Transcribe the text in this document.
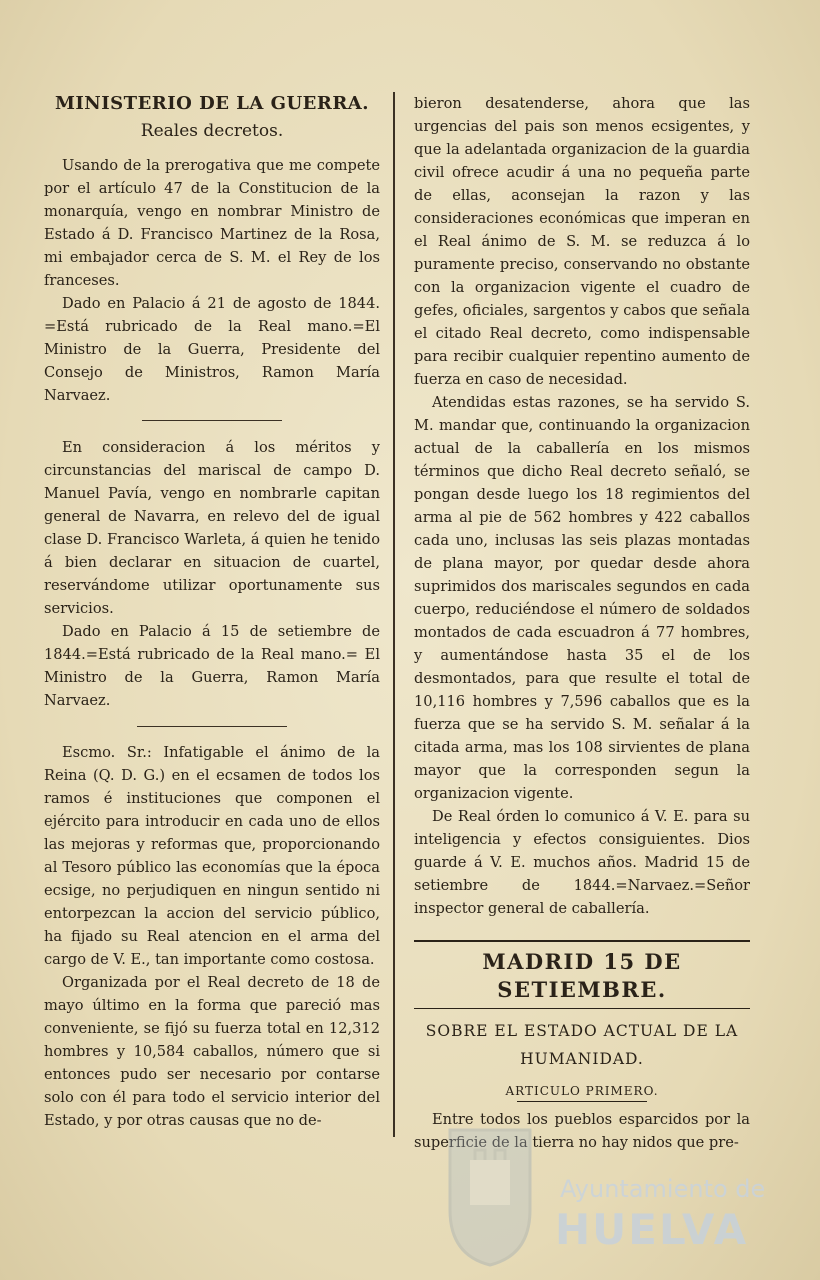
MINISTERIO DE LA GUERRA.
Reales decretos.

Usando de la prerogativa que me compete por el artículo 47 de la Constitucion de la monarquía, vengo en nombrar Ministro de Estado á D. Francisco Martinez de la Rosa, mi embajador cerca de S. M. el Rey de los franceses.

Dado en Palacio á 21 de agosto de 1844. =Está rubricado de la Real mano.=El Ministro de la Guerra, Presidente del Consejo de Ministros, Ramon María Narvaez.

En consideracion á los méritos y circunstancias del mariscal de campo D. Manuel Pavía, vengo en nombrarle capitan general de Navarra, en relevo del de igual clase D. Francisco Warleta, á quien he tenido á bien declarar en situacion de cuartel, reservándome utilizar oportunamente sus servicios.

Dado en Palacio á 15 de setiembre de 1844.=Está rubricado de la Real mano.= El Ministro de la Guerra, Ramon María Narvaez.

Escmo. Sr.: Infatigable el ánimo de la Reina (Q. D. G.) en el ecsamen de todos los ramos é instituciones que componen el ejército para introducir en cada uno de ellos las mejoras y reformas que, proporcionando al Tesoro público las economías que la época ecsige, no perjudiquen en ningun sentido ni entorpezcan la accion del servicio público, ha fijado su Real atencion en el arma del cargo de V. E., tan importante como costosa.

Organizada por el Real decreto de 18 de mayo último en la forma que pareció mas conveniente, se fijó su fuerza total en 12,312 hombres y 10,584 caballos, número que si entonces pudo ser necesario por contarse solo con él para todo el servicio interior del Estado, y por otras causas que no de-

bieron desatenderse, ahora que las urgencias del pais son menos ecsigentes, y que la adelantada organizacion de la guardia civil ofrece acudir á una no pequeña parte de ellas, aconsejan la razon y las consideraciones económicas que imperan en el Real ánimo de S. M. se reduzca á lo puramente preciso, conservando no obstante con la organizacion vigente el cuadro de gefes, oficiales, sargentos y cabos que señala el citado Real decreto, como indispensable para recibir cualquier repentino aumento de fuerza en caso de necesidad.

Atendidas estas razones, se ha servido S. M. mandar que, continuando la organizacion actual de la caballería en los mismos términos que dicho Real decreto señaló, se pongan desde luego los 18 regimientos del arma al pie de 562 hombres y 422 caballos cada uno, inclusas las seis plazas montadas de plana mayor, por quedar desde ahora suprimidos dos mariscales segundos en cada cuerpo, reduciéndose el número de soldados montados de cada escuadron á 77 hombres, y aumentándose hasta 35 el de los desmontados, para que resulte el total de 10,116 hombres y 7,596 caballos que es la fuerza que se ha servido S. M. señalar á la citada arma, mas los 108 sirvientes de plana mayor que la corresponden segun la organizacion vigente.

De Real órden lo comunico á V. E. para su inteligencia y efectos consiguientes. Dios guarde á V. E. muchos años. Madrid 15 de setiembre de 1844.=Narvaez.=Señor inspector general de caballería.

MADRID 15 DE SETIEMBRE.
SOBRE EL ESTADO ACTUAL DE LA
HUMANIDAD.
ARTICULO PRIMERO.

Entre todos los pueblos esparcidos por la superficie de la tierra no hay nidos que pre-

Ayuntamiento de
HUELVA
